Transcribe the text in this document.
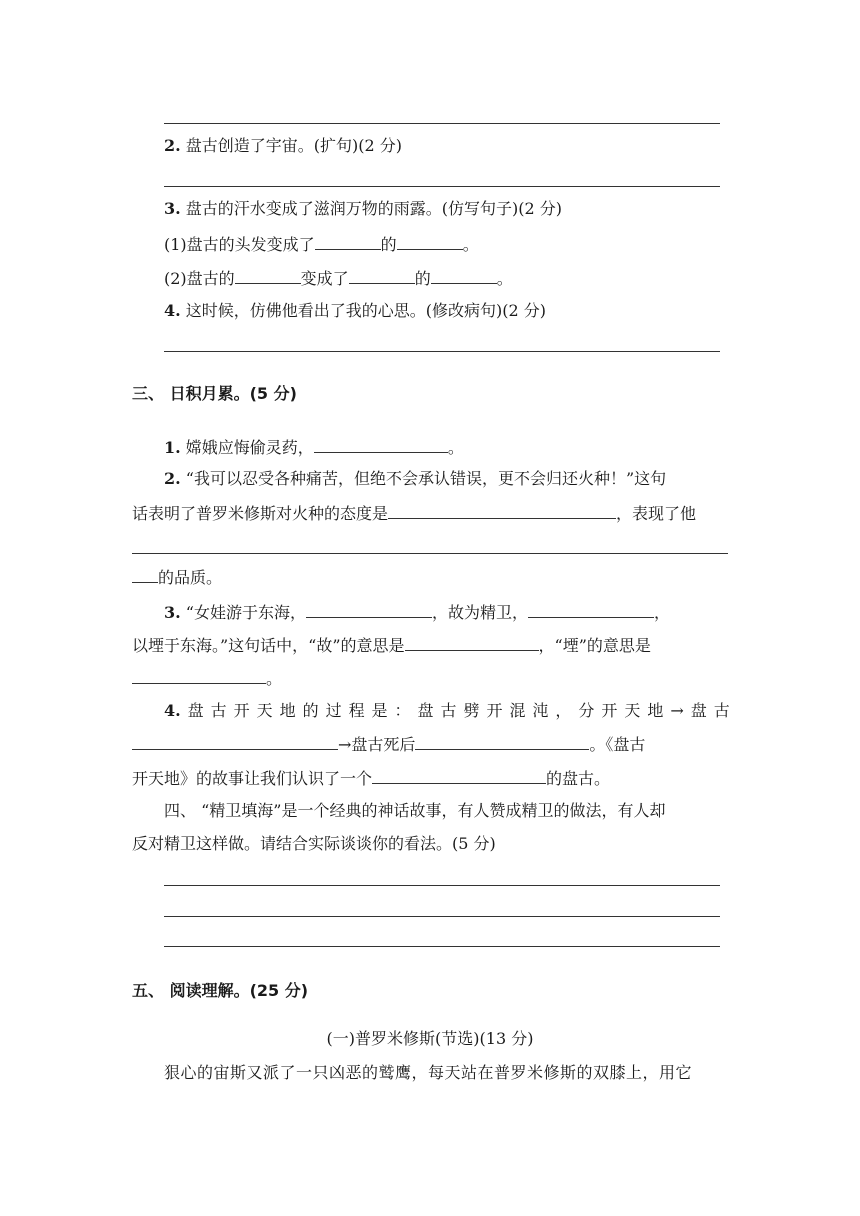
2. 盘古创造了宇宙。(扩句)(2 分)
3. 盘古的汗水变成了滋润万物的雨露。(仿写句子)(2 分)
(1)盘古的头发变成了	的	。
(2)盘古的	变成了	的	。
4. 这时候，仿佛他看出了我的心思。(修改病句)(2 分)
三、 日积月累。(5 分)
1. 嫦娥应悔偷灵药，	。
2. “我可以忍受各种痛苦，但绝不会承认错误，更不会归还火种！”这句
话表明了普罗米修斯对火种的态度是	，表现了他
的品质。
3. “女娃游于东海，	，故为精卫，	，
以堙于东海。”这句话中，“故”的意思是	，“堙”的意思是
。
4. 盘 古 开 天 地 的 过 程 是 ： 盘 古 劈 开 混 沌 ， 分 开 天 地 → 盘 古
→盘古死后	。《盘古
开天地》的故事让我们认识了一个	的盘古。
四、 “精卫填海”是一个经典的神话故事，有人赞成精卫的做法，有人却
反对精卫这样做。请结合实际谈谈你的看法。(5 分)
五、 阅读理解。(25 分)
(一)普罗米修斯(节选)(13 分)
狠心的宙斯又派了一只凶恶的鹫鹰，每天站在普罗米修斯的双膝上，用它
